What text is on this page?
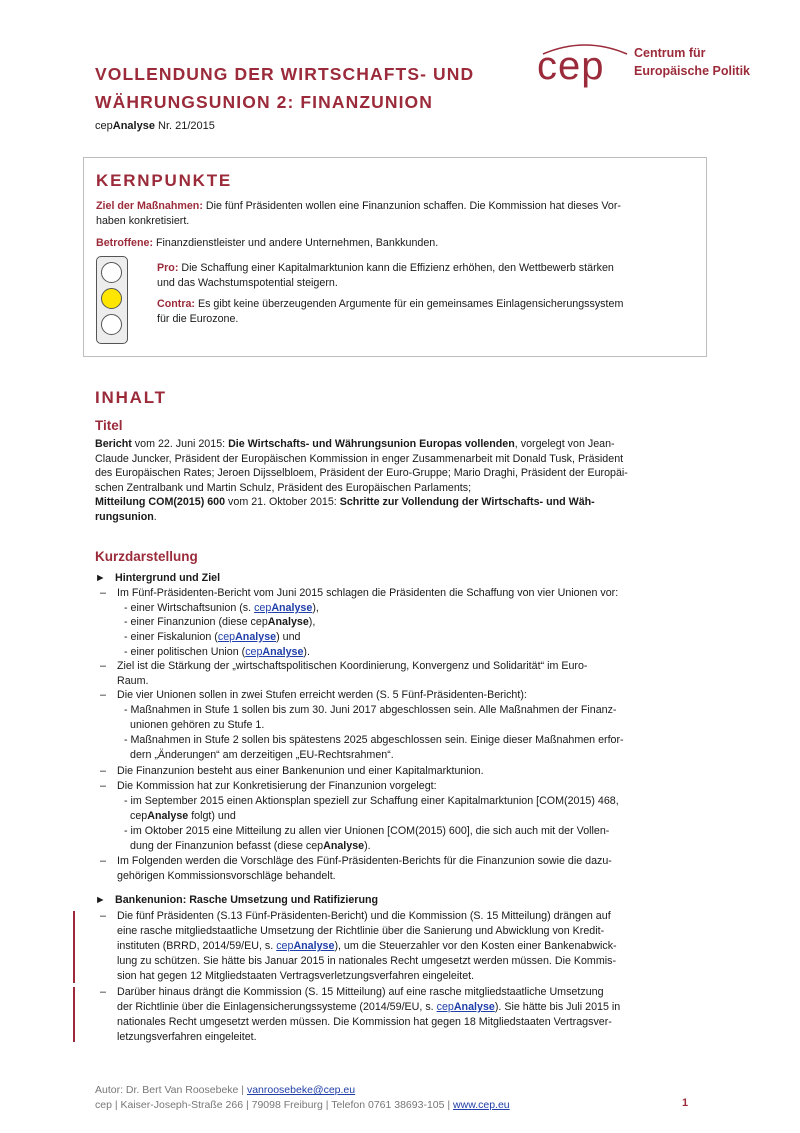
VOLLENDUNG DER WIRTSCHAFTS- UND
WÄHRUNGSUNION 2: FINANZUNION
cepAnalyse Nr. 21/2015
cep Centrum für
Europäische Politik
KERNPUNKTE
Ziel der Maßnahmen: Die fünf Präsidenten wollen eine Finanzunion schaffen. Die Kommission hat dieses Vor-
haben konkretisiert.
Betroffene: Finanzdienstleister und andere Unternehmen, Bankkunden.
Pro: Die Schaffung einer Kapitalmarktunion kann die Effizienz erhöhen, den Wettbewerb stärken
und das Wachstumspotential steigern.
Contra: Es gibt keine überzeugenden Argumente für ein gemeinsames Einlagensicherungssystem
für die Eurozone.
INHALT
Titel
Bericht vom 22. Juni 2015: Die Wirtschafts- und Währungsunion Europas vollenden, vorgelegt von Jean-
Claude Juncker, Präsident der Europäischen Kommission in enger Zusammenarbeit mit Donald Tusk, Präsident
des Europäischen Rates; Jeroen Dijsselbloem, Präsident der Euro-Gruppe; Mario Draghi, Präsident der Europäi-
schen Zentralbank und Martin Schulz, Präsident des Europäischen Parlaments;
Mitteilung COM(2015) 600 vom 21. Oktober 2015: Schritte zur Vollendung der Wirtschafts- und Wäh-
rungsunion.
Kurzdarstellung
► Hintergrund und Ziel
– Im Fünf-Präsidenten-Bericht vom Juni 2015 schlagen die Präsidenten die Schaffung von vier Unionen vor:
- einer Wirtschaftsunion (s. cepAnalyse),
- einer Finanzunion (diese cepAnalyse),
- einer Fiskalunion (cepAnalyse) und
- einer politischen Union (cepAnalyse).
– Ziel ist die Stärkung der „wirtschaftspolitischen Koordinierung, Konvergenz und Solidarität“ im Euro-
Raum.
– Die vier Unionen sollen in zwei Stufen erreicht werden (S. 5 Fünf-Präsidenten-Bericht):
- Maßnahmen in Stufe 1 sollen bis zum 30. Juni 2017 abgeschlossen sein. Alle Maßnahmen der Finanz-
unionen gehören zu Stufe 1.
- Maßnahmen in Stufe 2 sollen bis spätestens 2025 abgeschlossen sein. Einige dieser Maßnahmen erfor-
dern „Änderungen“ am derzeitigen „EU-Rechtsrahmen“.
– Die Finanzunion besteht aus einer Bankenunion und einer Kapitalmarktunion.
– Die Kommission hat zur Konkretisierung der Finanzunion vorgelegt:
- im September 2015 einen Aktionsplan speziell zur Schaffung einer Kapitalmarktunion [COM(2015) 468,
cepAnalyse folgt) und
- im Oktober 2015 eine Mitteilung zu allen vier Unionen [COM(2015) 600], die sich auch mit der Vollen-
dung der Finanzunion befasst (diese cepAnalyse).
– Im Folgenden werden die Vorschläge des Fünf-Präsidenten-Berichts für die Finanzunion sowie die dazu-
gehörigen Kommissionsvorschläge behandelt.
► Bankenunion: Rasche Umsetzung und Ratifizierung
– Die fünf Präsidenten (S.13 Fünf-Präsidenten-Bericht) und die Kommission (S. 15 Mitteilung) drängen auf
eine rasche mitgliedstaatliche Umsetzung der Richtlinie über die Sanierung und Abwicklung von Kredit-
instituten (BRRD, 2014/59/EU, s. cepAnalyse), um die Steuerzahler vor den Kosten einer Bankenabwick-
lung zu schützen. Sie hätte bis Januar 2015 in nationales Recht umgesetzt werden müssen. Die Kommis-
sion hat gegen 12 Mitgliedstaaten Vertragsverletzungsverfahren eingeleitet.
– Darüber hinaus drängt die Kommission (S. 15 Mitteilung) auf eine rasche mitgliedstaatliche Umsetzung
der Richtlinie über die Einlagensicherungssysteme (2014/59/EU, s. cepAnalyse). Sie hätte bis Juli 2015 in
nationales Recht umgesetzt werden müssen. Die Kommission hat gegen 18 Mitgliedstaaten Vertragsver-
letzungsverfahren eingeleitet.
Autor: Dr. Bert Van Roosebeke | vanroosebeke@cep.eu
cep | Kaiser-Joseph-Straße 266 | 79098 Freiburg | Telefon 0761 38693-105 | www.cep.eu	1
